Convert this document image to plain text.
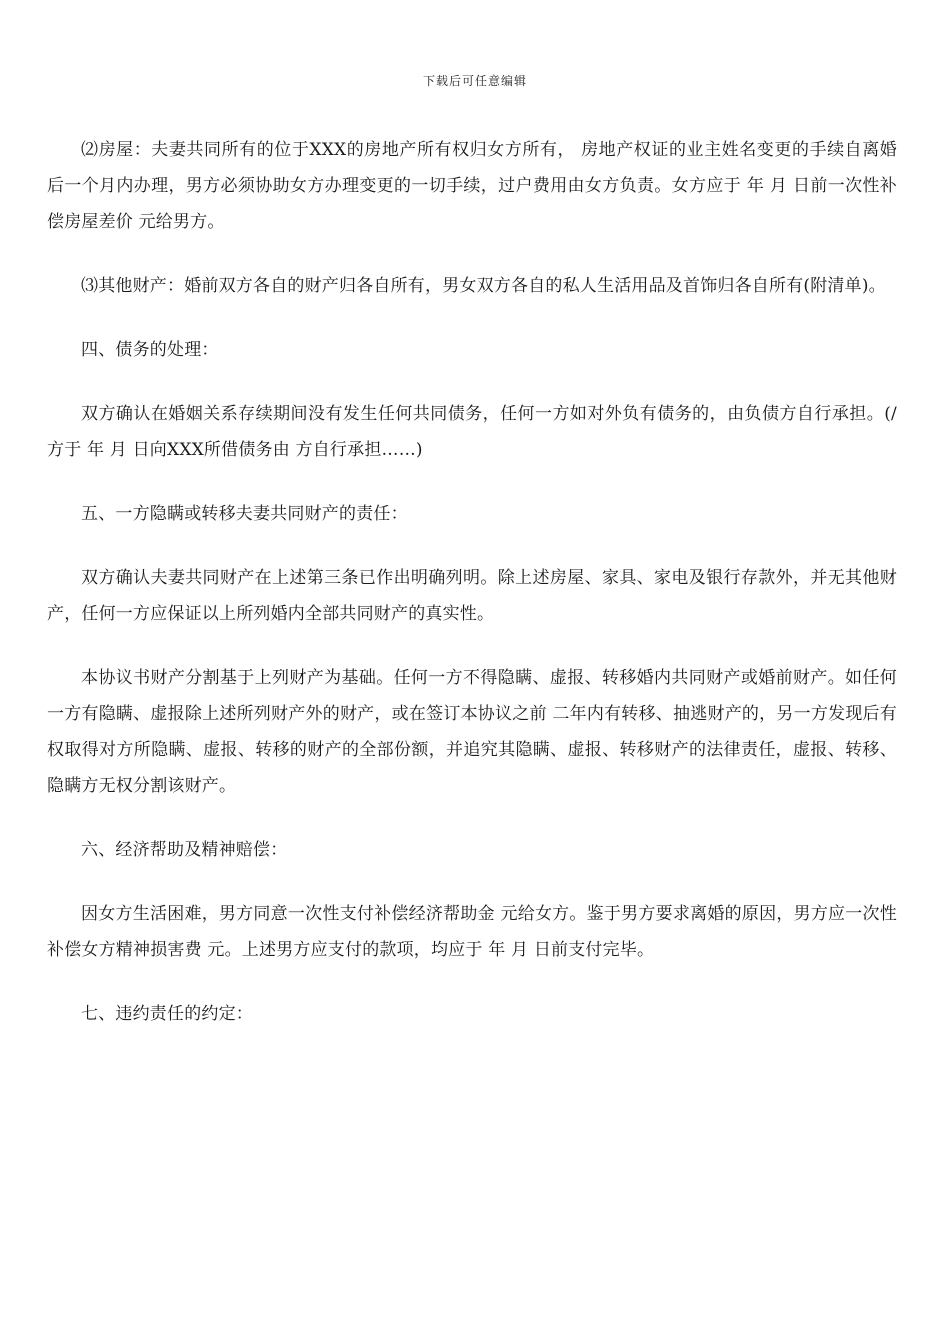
下载后可任意编辑

⑵房屋：夫妻共同所有的位于XXX的房地产所有权归女方所有， 房地产权证的业主姓名变更的手续自离婚后一个月内办理，男方必须协助女方办理变更的一切手续，过户费用由女方负责。女方应于 年 月 日前一次性补偿房屋差价 元给男方。

⑶其他财产：婚前双方各自的财产归各自所有，男女双方各自的私人生活用品及首饰归各自所有(附清单)。

四、债务的处理：

双方确认在婚姻关系存续期间没有发生任何共同债务，任何一方如对外负有债务的，由负债方自行承担。(/ 方于 年 月 日向XXX所借债务由 方自行承担……)

五、一方隐瞒或转移夫妻共同财产的责任：

双方确认夫妻共同财产在上述第三条已作出明确列明。除上述房屋、家具、家电及银行存款外，并无其他财产，任何一方应保证以上所列婚内全部共同财产的真实性。

本协议书财产分割基于上列财产为基础。任何一方不得隐瞒、虚报、转移婚内共同财产或婚前财产。如任何一方有隐瞒、虚报除上述所列财产外的财产，或在签订本协议之前 二年内有转移、抽逃财产的，另一方发现后有权取得对方所隐瞒、虚报、转移的财产的全部份额，并追究其隐瞒、虚报、转移财产的法律责任，虚报、转移、隐瞒方无权分割该财产。

六、经济帮助及精神赔偿：

因女方生活困难，男方同意一次性支付补偿经济帮助金 元给女方。鉴于男方要求离婚的原因，男方应一次性补偿女方精神损害费 元。上述男方应支付的款项，均应于 年 月 日前支付完毕。

七、违约责任的约定：
